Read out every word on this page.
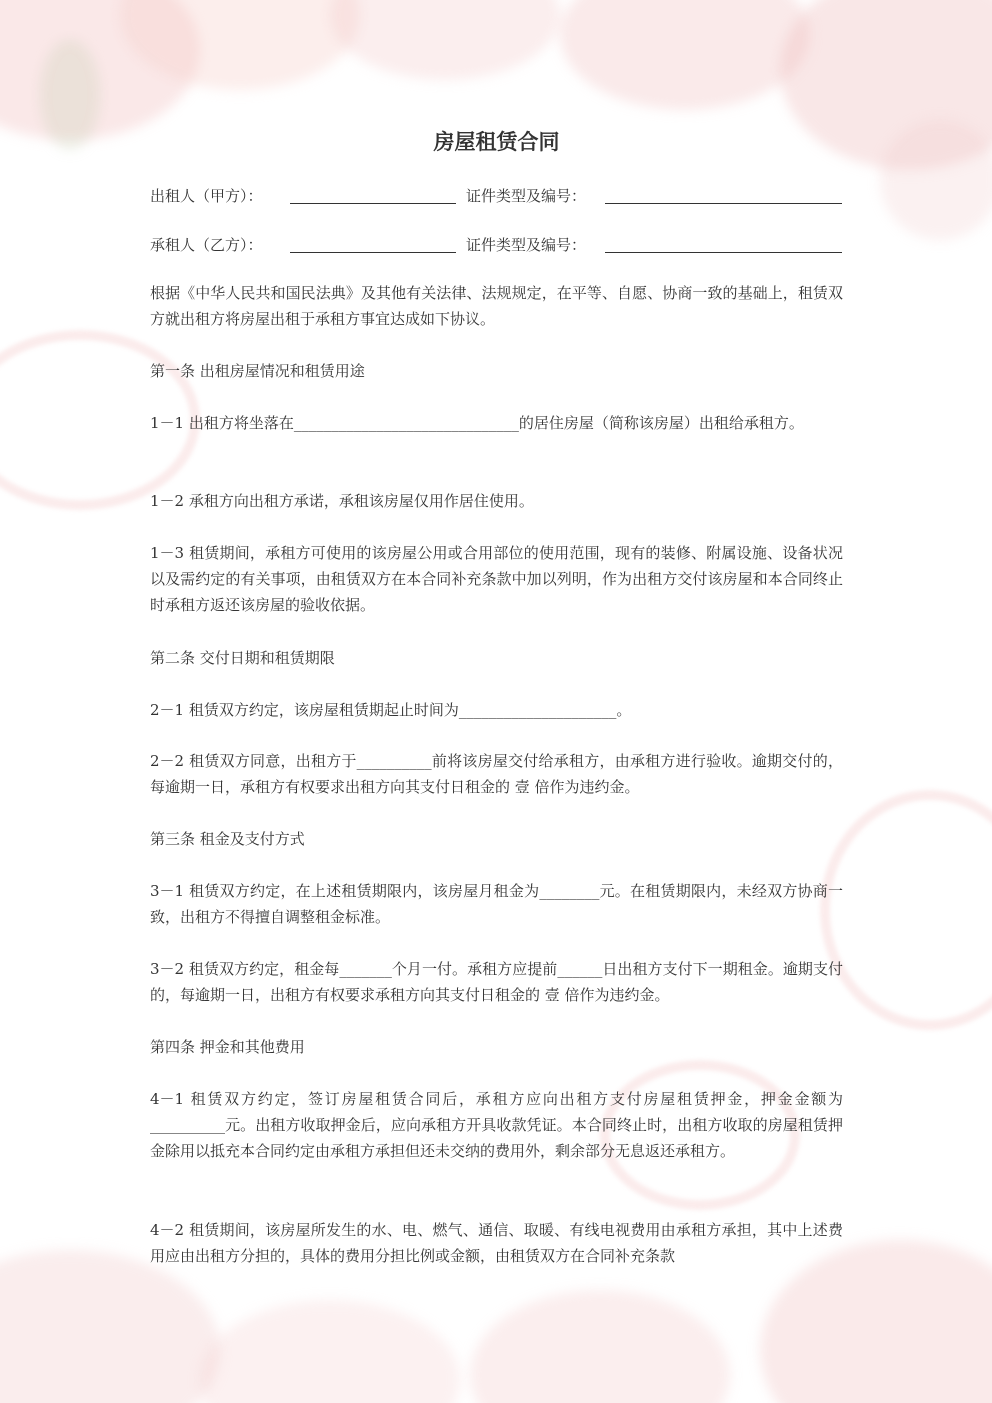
房屋租赁合同
出租人（甲方）：	证件类型及编号：
承租人（乙方）：	证件类型及编号：
根据《中华人民共和国民法典》及其他有关法律、法规规定，在平等、自愿、协商一致的基础上，租赁双方就出租方将房屋出租于承租方事宜达成如下协议。
第一条 出租房屋情况和租赁用途
1－1 出租方将坐落在______________________________的居住房屋（简称该房屋）出租给承租方。
1－2 承租方向出租方承诺，承租该房屋仅用作居住使用。
1－3 租赁期间，承租方可使用的该房屋公用或合用部位的使用范围，现有的装修、附属设施、设备状况以及需约定的有关事项，由租赁双方在本合同补充条款中加以列明，作为出租方交付该房屋和本合同终止时承租方返还该房屋的验收依据。
第二条 交付日期和租赁期限
2－1 租赁双方约定，该房屋租赁期起止时间为_____________________。
2－2 租赁双方同意，出租方于__________前将该房屋交付给承租方，由承租方进行验收。逾期交付的，每逾期一日，承租方有权要求出租方向其支付日租金的 壹 倍作为违约金。
第三条 租金及支付方式
3－1 租赁双方约定，在上述租赁期限内，该房屋月租金为________元。在租赁期限内，未经双方协商一致，出租方不得擅自调整租金标准。
3－2 租赁双方约定，租金每_______个月一付。承租方应提前______日出租方支付下一期租金。逾期支付的，每逾期一日，出租方有权要求承租方向其支付日租金的 壹 倍作为违约金。
第四条 押金和其他费用
4－1 租赁双方约定，签订房屋租赁合同后，承租方应向出租方支付房屋租赁押金，押金金额为__________元。出租方收取押金后，应向承租方开具收款凭证。本合同终止时，出租方收取的房屋租赁押金除用以抵充本合同约定由承租方承担但还未交纳的费用外，剩余部分无息返还承租方。
4－2 租赁期间，该房屋所发生的水、电、燃气、通信、取暖、有线电视费用由承租方承担，其中上述费用应由出租方分担的，具体的费用分担比例或金额，由租赁双方在合同补充条款
